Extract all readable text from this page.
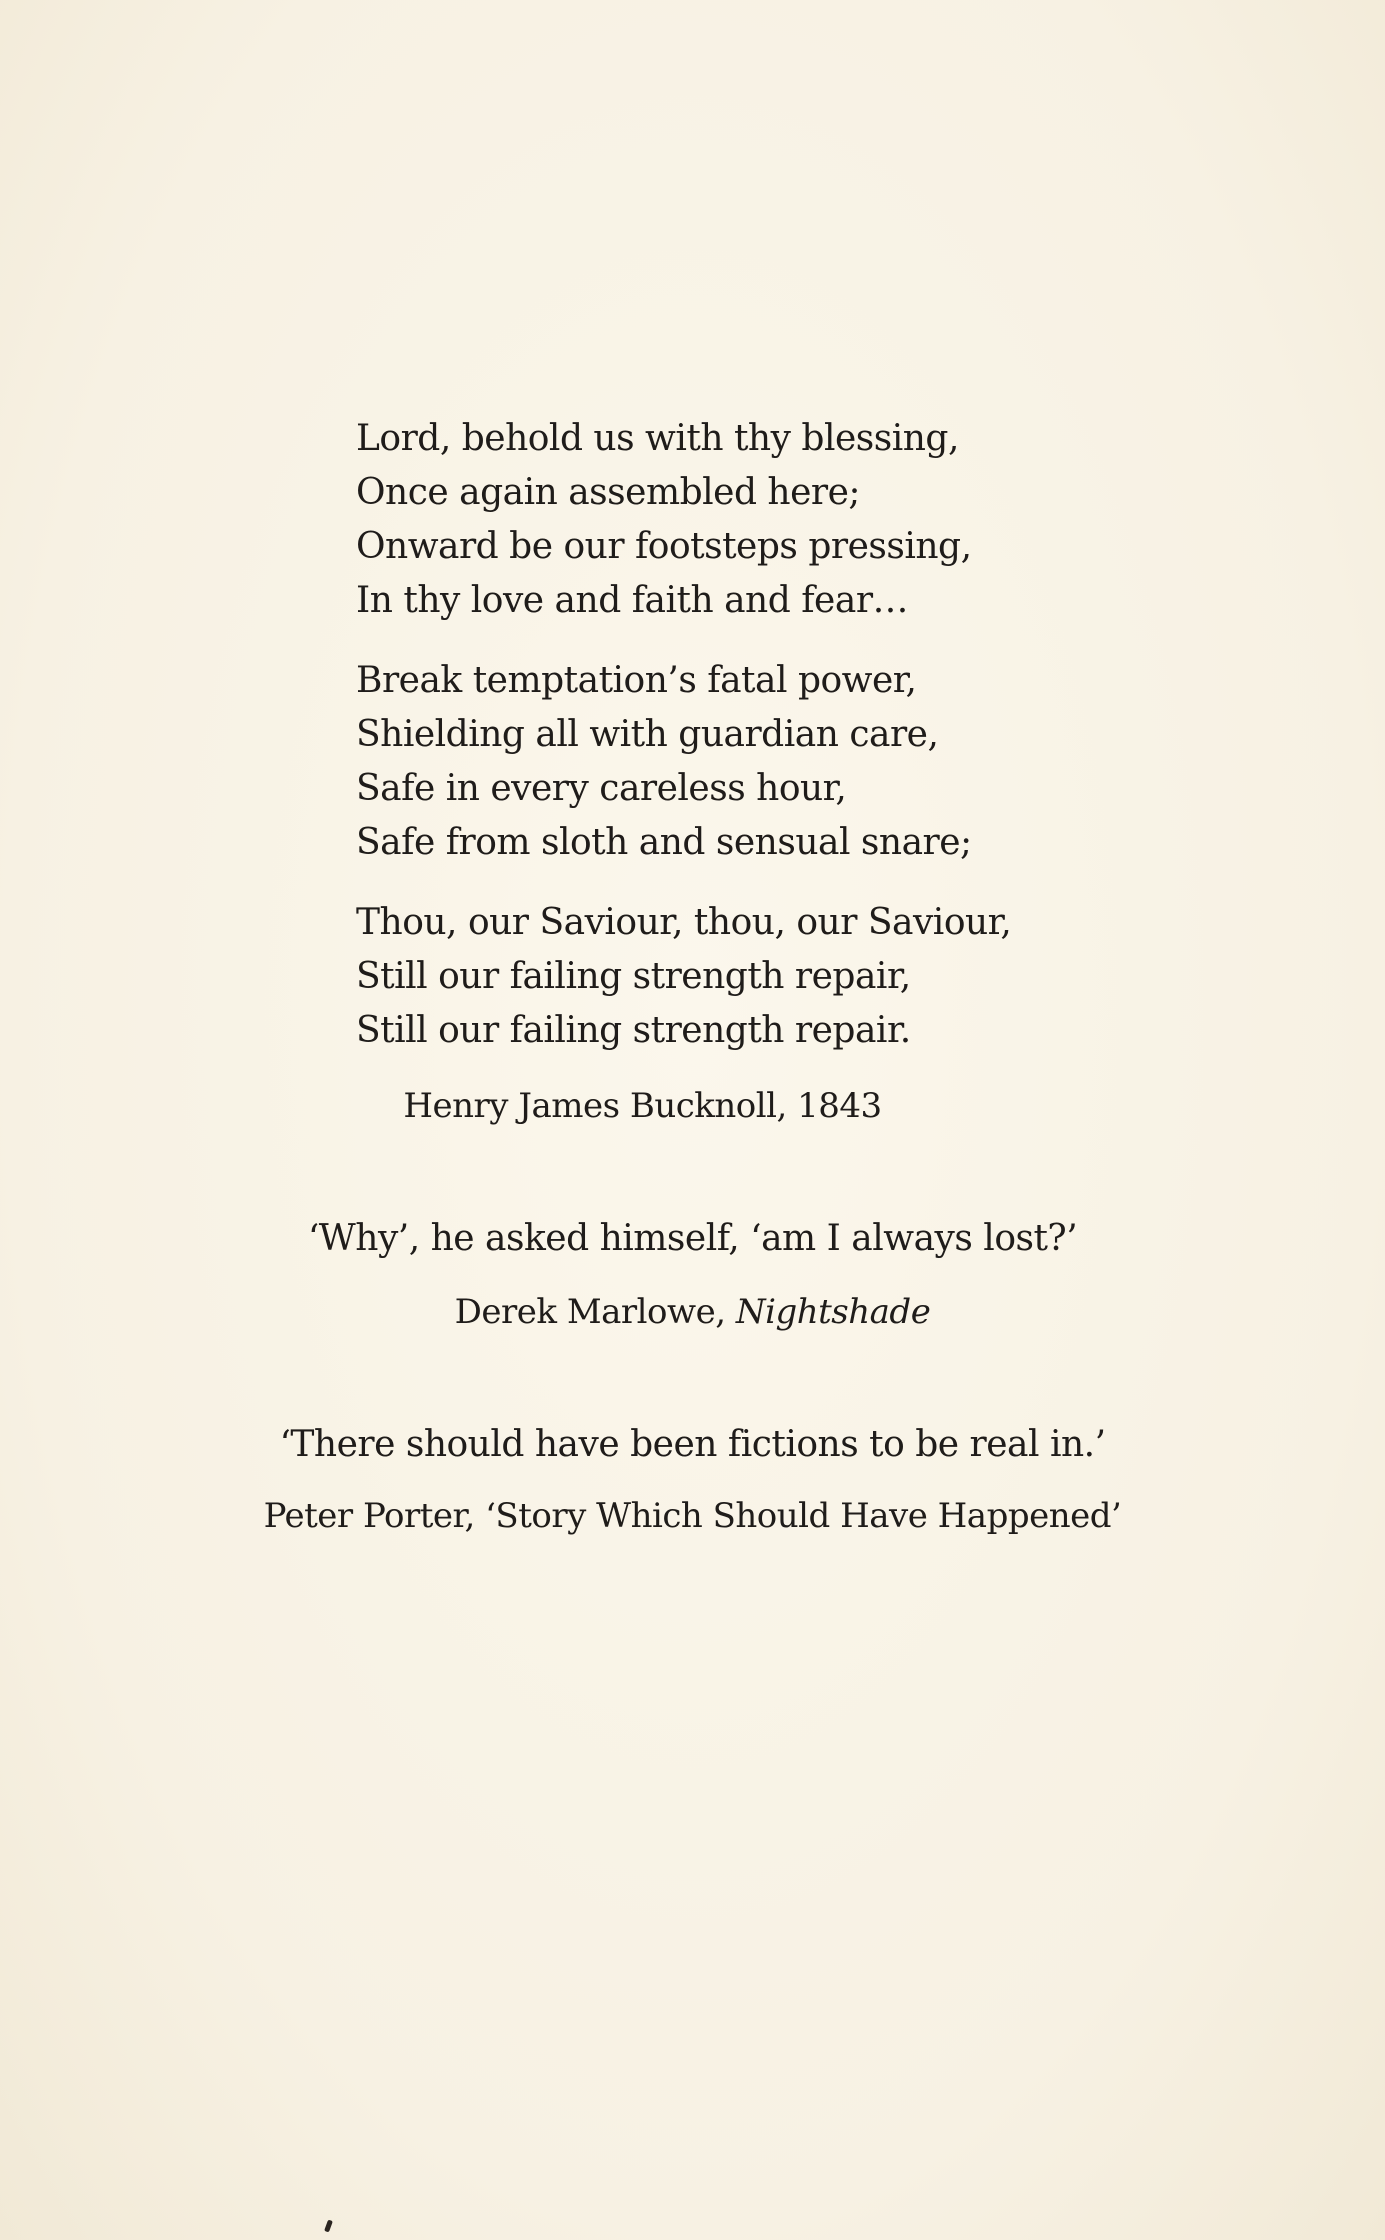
Lord, behold us with thy blessing,
Once again assembled here;
Onward be our footsteps pressing,
In thy love and faith and fear…
Break temptation’s fatal power,
Shielding all with guardian care,
Safe in every careless hour,
Safe from sloth and sensual snare;
Thou, our Saviour, thou, our Saviour,
Still our failing strength repair,
Still our failing strength repair.
Henry James Bucknoll, 1843
‘Why’, he asked himself, ‘am I always lost?’
Derek Marlowe, Nightshade
‘There should have been fictions to be real in.’
Peter Porter, ‘Story Which Should Have Happened’
